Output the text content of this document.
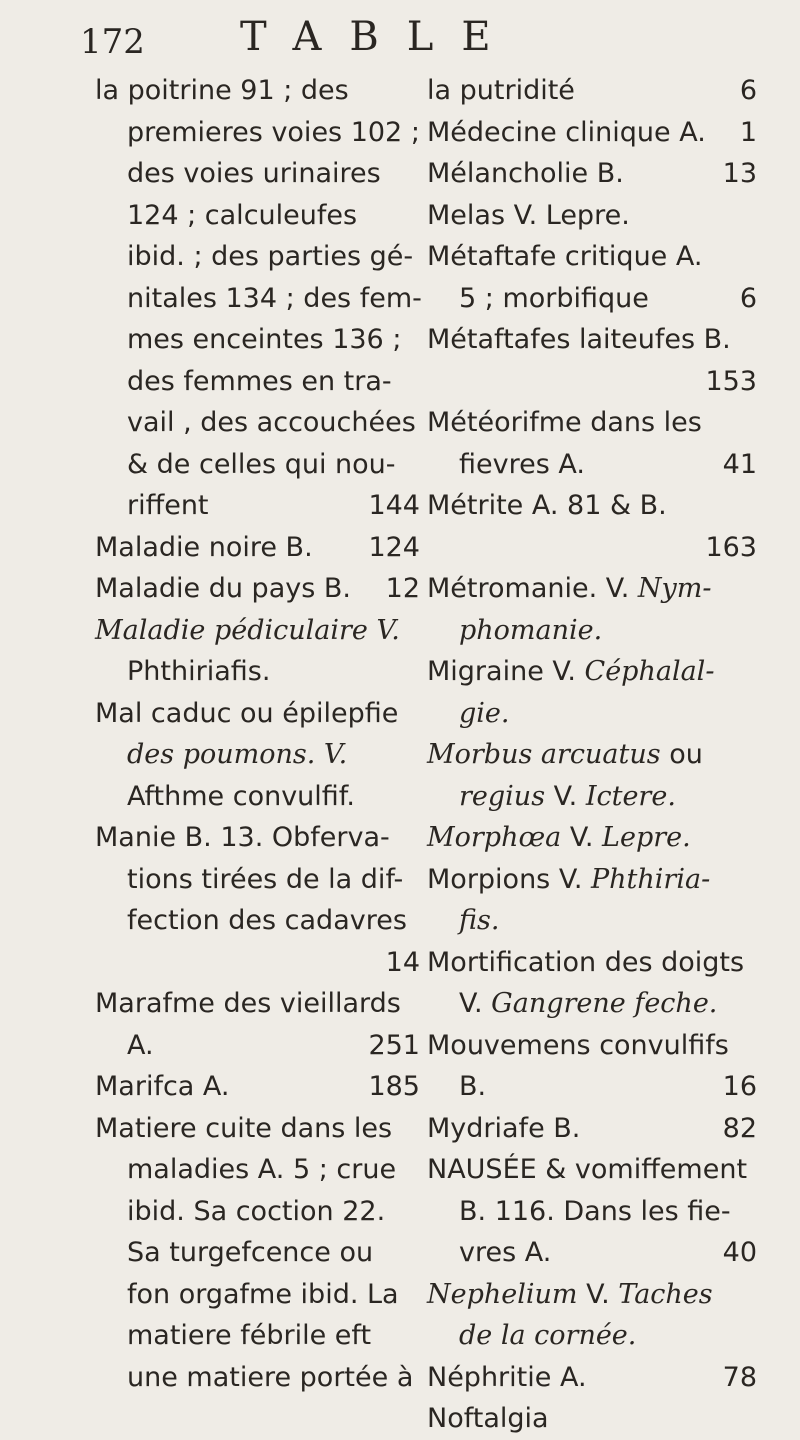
172 TABLE
la poitrine 91 ; des
premieres voies 102 ;
des voies urinaires
124 ; calculeufes
ibid. ; des parties gé-
nitales 134 ; des fem-
mes enceintes 136 ;
des femmes en tra-
vail , des accouchées
& de celles qui nou-
riffent	144
Maladie noire B. 124
Maladie du pays B. 12
Maladie pédiculaire V.
Phthiriafis.
Mal caduc ou épilepfie
des poumons. V.
Afthme convulfif.
Manie B. 13. Obferva-
tions tirées de la dif-
fection des cadavres
14
Marafme des vieillards
A.	251
Marifca A.	185
Matiere cuite dans les
maladies A. 5 ; crue
ibid. Sa coction 22.
Sa turgefcence ou
fon orgafme ibid. La
matiere fébrile eft
une matiere portée à
la putridité	6
Médecine clinique A. 1
Mélancholie B.	13
Melas V. Lepre.
Métaftafe critique A.
5 ; morbifique	6
Métaftafes laiteufes B.
153
Météorifme dans les
fievres A.	41
Métrite A. 81 & B.
163
Métromanie. V. Nym-
phomanie.
Migraine V. Céphalal-
gie.
Morbus arcuatus ou
regius V. Ictere.
Morphœa V. Lepre.
Morpions V. Phthiria-
fis.
Mortification des doigts
V. Gangrene feche.
Mouvemens convulfifs
B.	16
Mydriafe B.	82
NAUSÉE & vomiffement
B. 116. Dans les fie-
vres A.	40
Nephelium V. Taches
de la cornée.
Néphritie A.	78
Noftalgia
